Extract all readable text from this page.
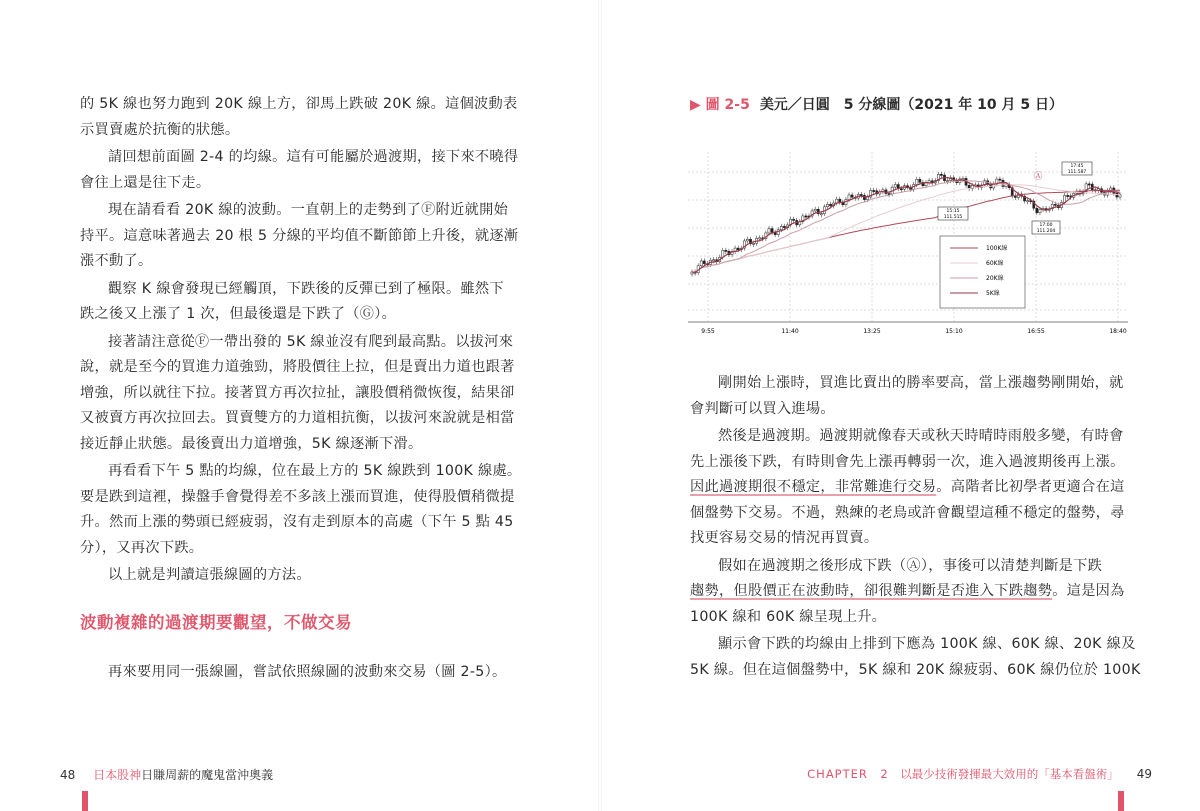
的 5K 線也努力跑到 20K 線上方，卻馬上跌破 20K 線。這個波動表

示買賣處於抗衡的狀態。

請回想前面圖 2-4 的均線。這有可能屬於過渡期，接下來不曉得

會往上還是往下走。

現在請看看 20K 線的波動。一直朝上的走勢到了Ⓕ附近就開始

持平。這意味著過去 20 根 5 分線的平均值不斷節節上升後，就逐漸

漲不動了。

觀察 K 線會發現已經觸頂，下跌後的反彈已到了極限。雖然下

跌之後又上漲了 1 次，但最後還是下跌了（Ⓖ）。

接著請注意從Ⓕ一帶出發的 5K 線並沒有爬到最高點。以拔河來

說，就是至今的買進力道強勁，將股價往上拉，但是賣出力道也跟著

增強，所以就往下拉。接著買方再次拉扯，讓股價稍微恢復，結果卻

又被賣方再次拉回去。買賣雙方的力道相抗衡，以拔河來說就是相當

接近靜止狀態。最後賣出力道增強，5K 線逐漸下滑。

再看看下午 5 點的均線，位在最上方的 5K 線跌到 100K 線處。

要是跌到這裡，操盤手會覺得差不多該上漲而買進，使得股價稍微提

升。然而上漲的勢頭已經疲弱，沒有走到原本的高處（下午 5 點 45

分），又再次下跌。

以上就是判讀這張線圖的方法。

波動複雜的過渡期要觀望，不做交易

再來要用同一張線圖，嘗試依照線圖的波動來交易（圖 2-5）。

48 日本股神日賺周薪的魔鬼當沖奧義
▶ 圖 2-5 美元／日圓　5 分線圖（2021 年 10 月 5 日）
17:45
111.587
15:15
111.515
17:00
111.204
Ⓐ
100K線
60K線
20K線
5K線
9:55	11:40	13:25	15:10	16:55	18:40

剛開始上漲時，買進比賣出的勝率要高，當上漲趨勢剛開始，就

會判斷可以買入進場。

然後是過渡期。過渡期就像春天或秋天時晴時雨般多變，有時會

先上漲後下跌，有時則會先上漲再轉弱一次，進入過渡期後再上漲。

因此過渡期很不穩定，非常難進行交易。高階者比初學者更適合在這

個盤勢下交易。不過，熟練的老鳥或許會觀望這種不穩定的盤勢，尋

找更容易交易的情況再買賣。

假如在過渡期之後形成下跌（Ⓐ），事後可以清楚判斷是下跌

趨勢，但股價正在波動時，卻很難判斷是否進入下跌趨勢。這是因為

100K 線和 60K 線呈現上升。

顯示會下跌的均線由上排到下應為 100K 線、60K 線、20K 線及

5K 線。但在這個盤勢中，5K 線和 20K 線疲弱、60K 線仍位於 100K

CHAPTER　2　 以最少技術發揮最大效用的「基本看盤術」 49
